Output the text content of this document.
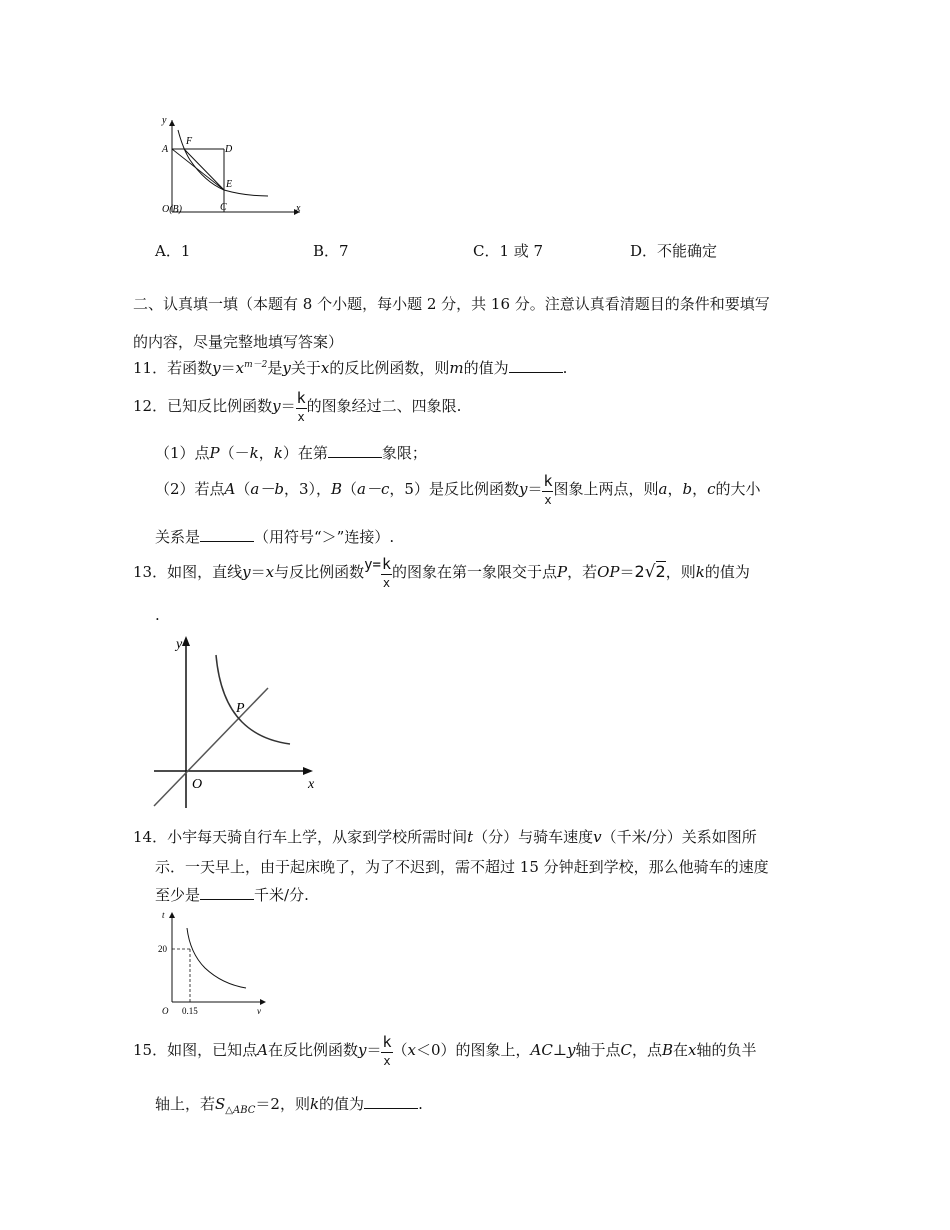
y
A
F
D
E
O(B)	C	x
A．1	B．7	C．1 或 7	D．不能确定
二、认真填一填（本题有 8 个小题，每小题 2 分，共 16 分。注意认真看清题目的条件和要填写
的内容，尽量完整地填写答案）
11．若函数$y=x^{m-2}$是y关于x的反比例函数，则m的值为	.
12．已知反比例函数$y= \frac{k}{x}$ 的图象经过二、四象限.
（1）点P（－k，k）在第	象限；
（2）若点A（a－b，3），B（a－c，5）是反比例函数$y= \frac{k}{x}$ 图象上两点，则a，b，c的大小
关系是	（用符号“＞”连接）.
13．如图，直线y＝x与反比例函数$y= \frac{k}{x}$ 的图象在第一象限交于点P，若OP＝2√2，则k的值为
.
y
P
O	x
14．小宇每天骑自行车上学，从家到学校所需时间t（分）与骑车速度v（千米/分）关系如图所
示．一天早上，由于起床晚了，为了不迟到，需不超过 15 分钟赶到学校，那么他骑车的速度
至少是	千米/分.
t
20
O 0.15	v
15．如图，已知点A在反比例函数$y= \frac{k}{x} (x<0)$的图象上，AC⊥y轴于点C，点B在x轴的负半
轴上，若$S_{\triangle ABC}=2$，则k的值为	.
